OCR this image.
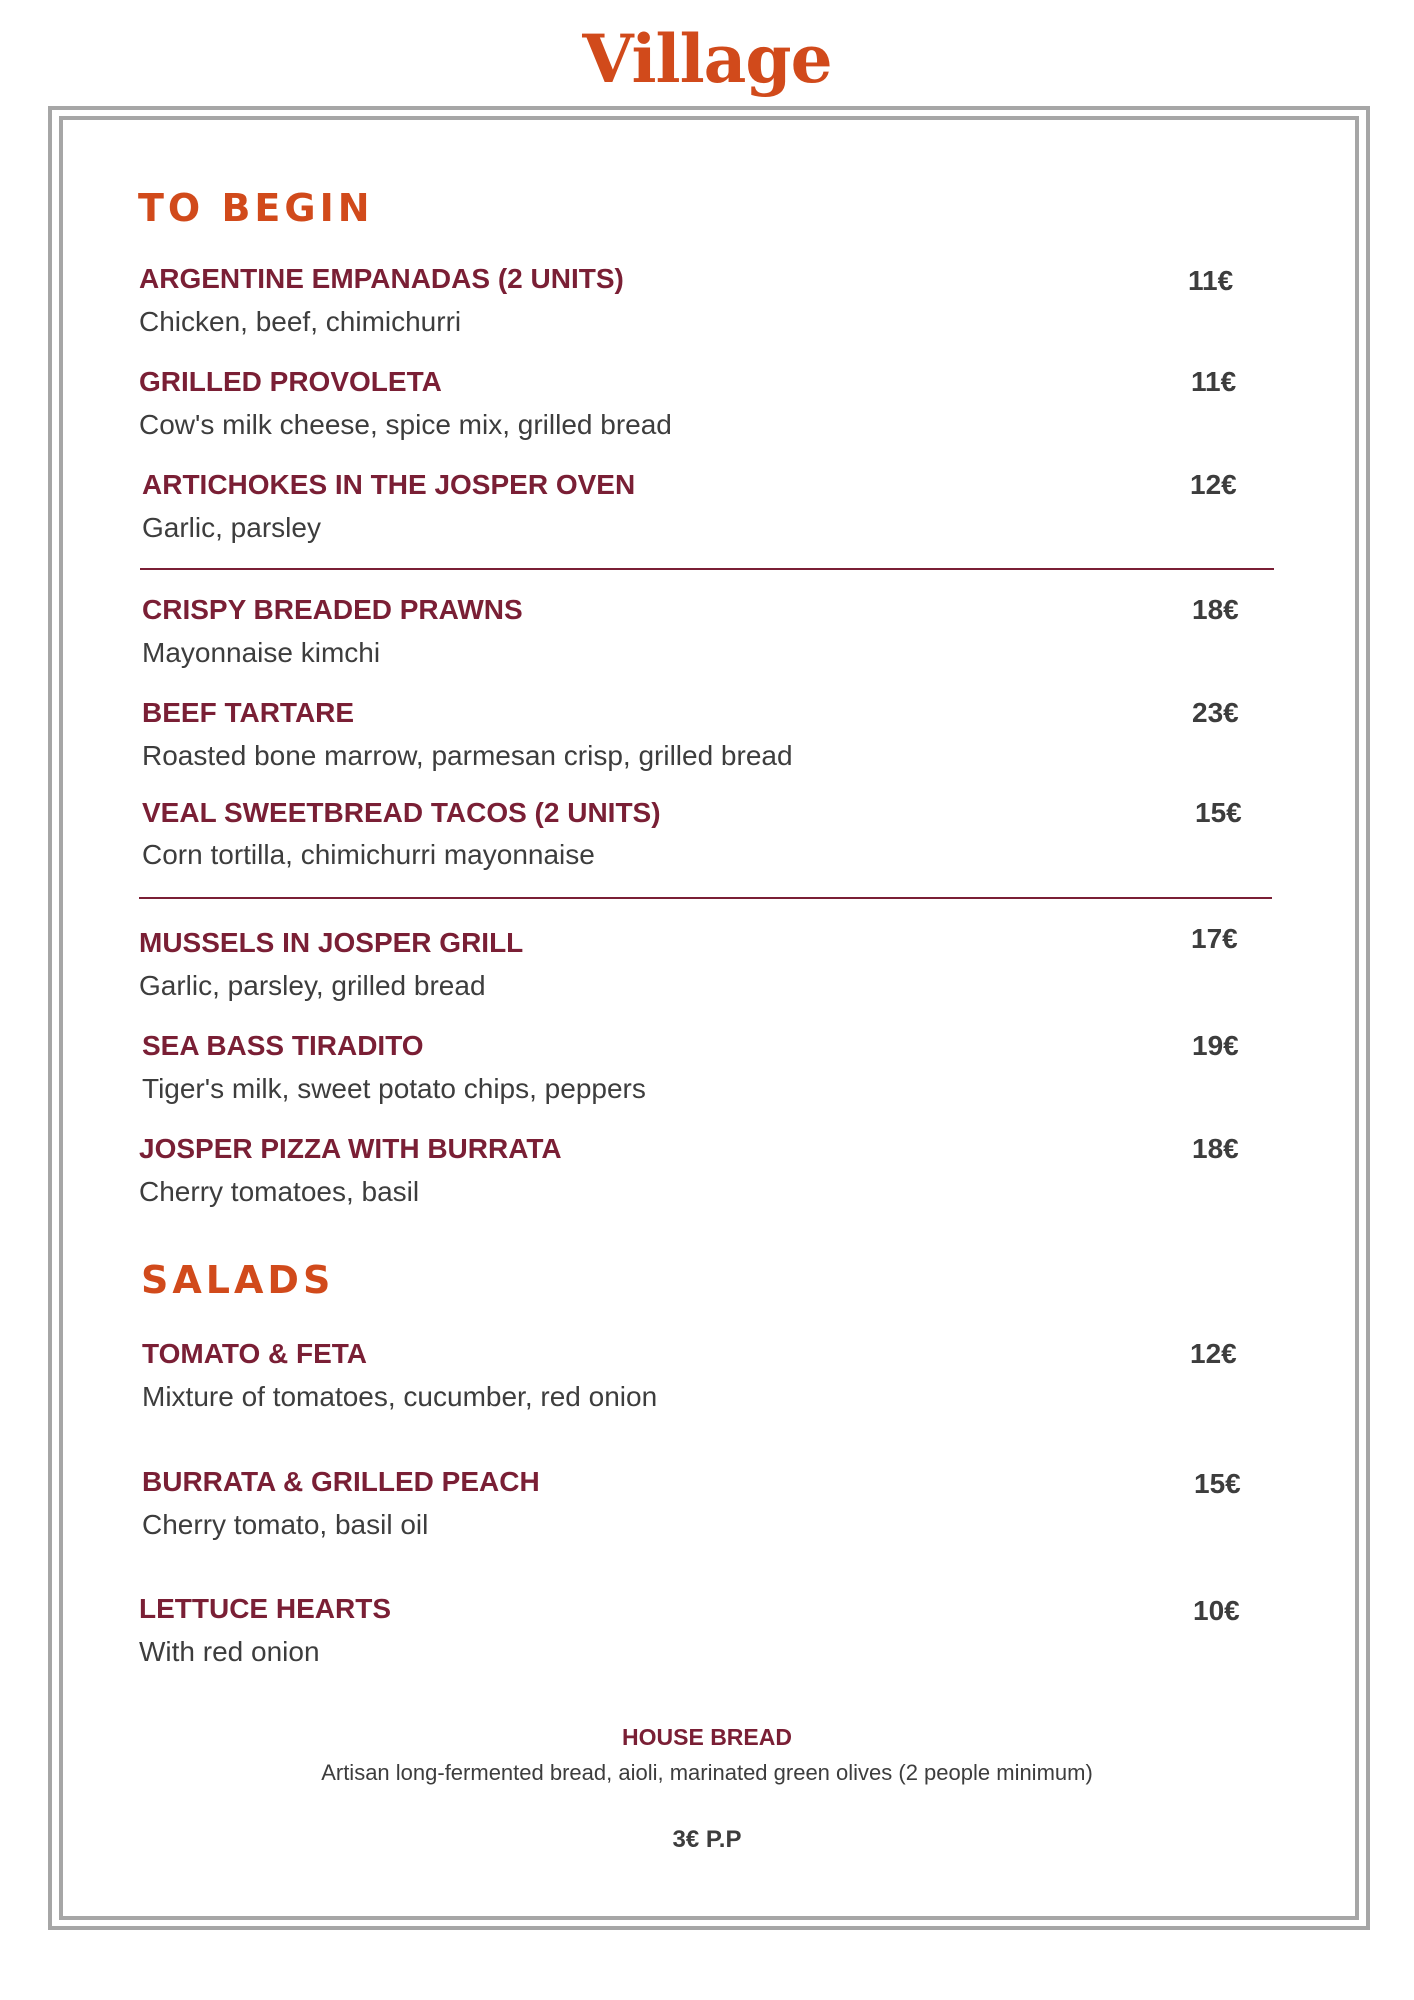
Village
TO BEGIN
ARGENTINE EMPANADAS (2 UNITS)
Chicken, beef, chimichurri
11€
GRILLED PROVOLETA
Cow's milk cheese, spice mix, grilled bread
11€
ARTICHOKES IN THE JOSPER OVEN
Garlic, parsley
12€
CRISPY BREADED PRAWNS
Mayonnaise kimchi
18€
BEEF TARTARE
Roasted bone marrow, parmesan crisp, grilled bread
23€
VEAL SWEETBREAD TACOS (2 UNITS)
Corn tortilla, chimichurri mayonnaise
15€
MUSSELS IN JOSPER GRILL
Garlic, parsley, grilled bread
17€
SEA BASS TIRADITO
Tiger's milk, sweet potato chips, peppers
19€
JOSPER PIZZA WITH BURRATA
Cherry tomatoes, basil
18€
SALADS
TOMATO & FETA
Mixture of tomatoes, cucumber, red onion
12€
BURRATA & GRILLED PEACH
Cherry tomato, basil oil
15€
LETTUCE HEARTS
With red onion
10€
HOUSE BREAD
Artisan long-fermented bread, aioli, marinated green olives (2 people minimum)
3€ P.P
